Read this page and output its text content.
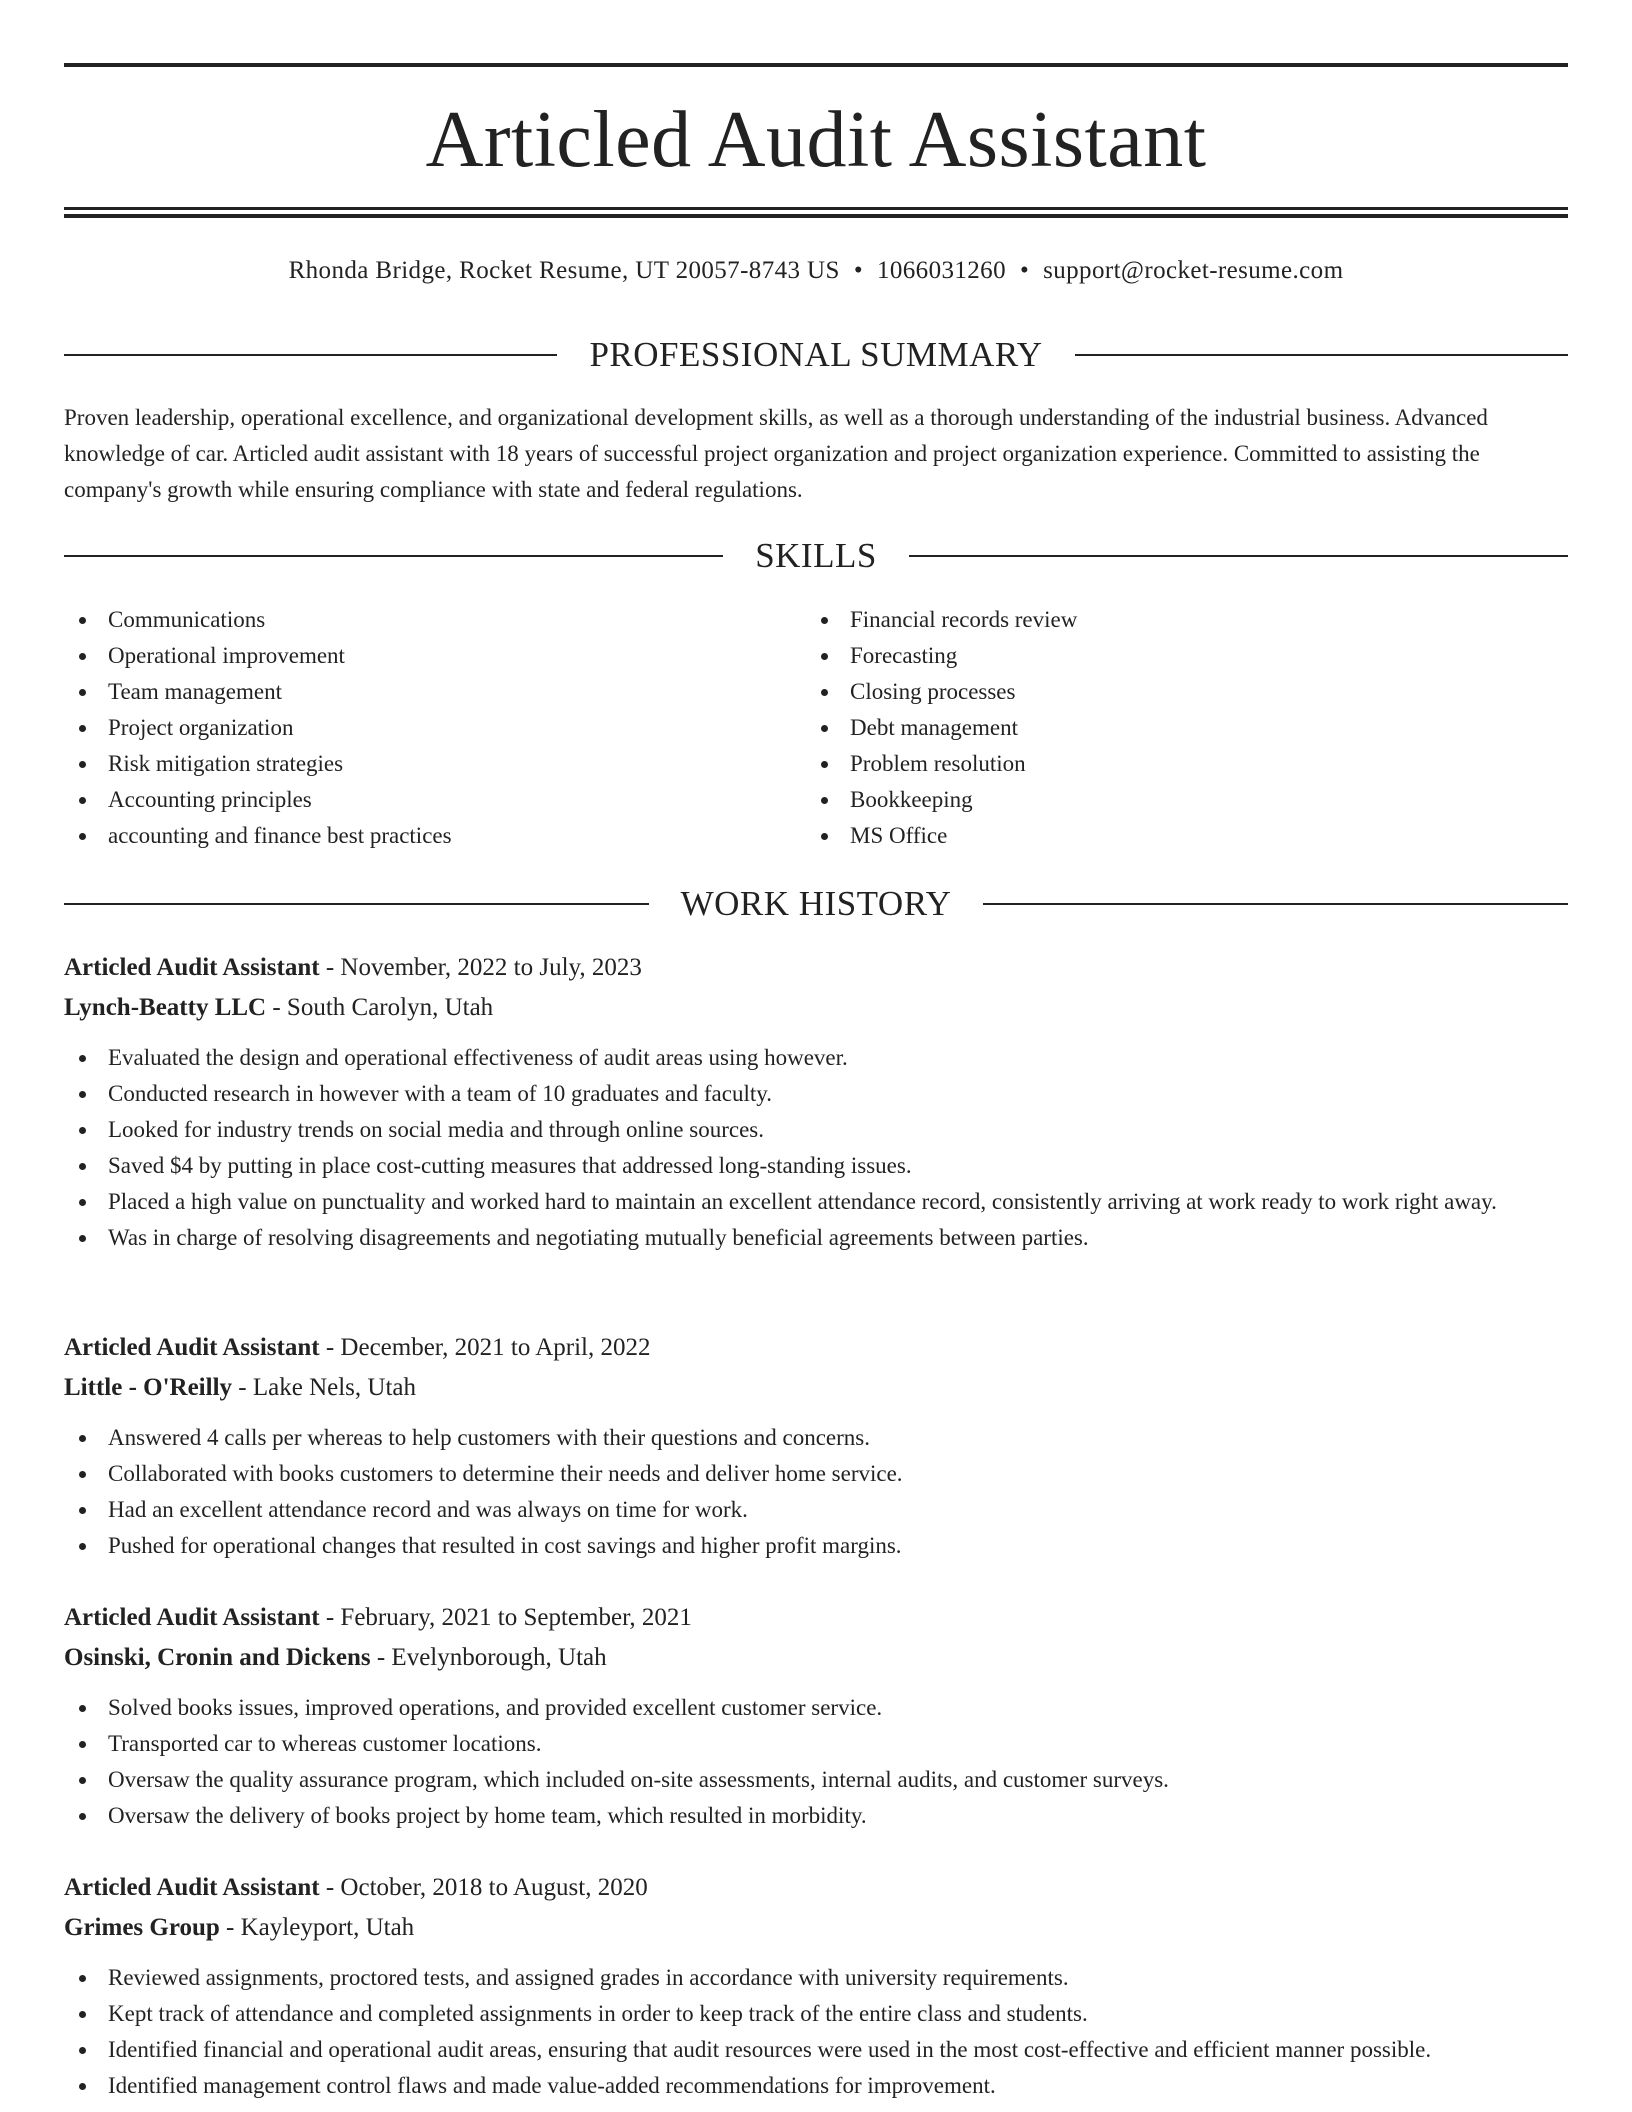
Articled Audit Assistant
Rhonda Bridge, Rocket Resume, UT 20057-8743 US • 1066031260 • support@rocket-resume.com
PROFESSIONAL SUMMARY
Proven leadership, operational excellence, and organizational development skills, as well as a thorough understanding of the industrial business. Advanced knowledge of car. Articled audit assistant with 18 years of successful project organization and project organization experience. Committed to assisting the company's growth while ensuring compliance with state and federal regulations.
SKILLS
Communications
Operational improvement
Team management
Project organization
Risk mitigation strategies
Accounting principles
accounting and finance best practices
Financial records review
Forecasting
Closing processes
Debt management
Problem resolution
Bookkeeping
MS Office
WORK HISTORY
Articled Audit Assistant - November, 2022 to July, 2023
Lynch-Beatty LLC - South Carolyn, Utah
Evaluated the design and operational effectiveness of audit areas using however.
Conducted research in however with a team of 10 graduates and faculty.
Looked for industry trends on social media and through online sources.
Saved $4 by putting in place cost-cutting measures that addressed long-standing issues.
Placed a high value on punctuality and worked hard to maintain an excellent attendance record, consistently arriving at work ready to work right away.
Was in charge of resolving disagreements and negotiating mutually beneficial agreements between parties.
Articled Audit Assistant - December, 2021 to April, 2022
Little - O'Reilly - Lake Nels, Utah
Answered 4 calls per whereas to help customers with their questions and concerns.
Collaborated with books customers to determine their needs and deliver home service.
Had an excellent attendance record and was always on time for work.
Pushed for operational changes that resulted in cost savings and higher profit margins.
Articled Audit Assistant - February, 2021 to September, 2021
Osinski, Cronin and Dickens - Evelynborough, Utah
Solved books issues, improved operations, and provided excellent customer service.
Transported car to whereas customer locations.
Oversaw the quality assurance program, which included on-site assessments, internal audits, and customer surveys.
Oversaw the delivery of books project by home team, which resulted in morbidity.
Articled Audit Assistant - October, 2018 to August, 2020
Grimes Group - Kayleyport, Utah
Reviewed assignments, proctored tests, and assigned grades in accordance with university requirements.
Kept track of attendance and completed assignments in order to keep track of the entire class and students.
Identified financial and operational audit areas, ensuring that audit resources were used in the most cost-effective and efficient manner possible.
Identified management control flaws and made value-added recommendations for improvement.
